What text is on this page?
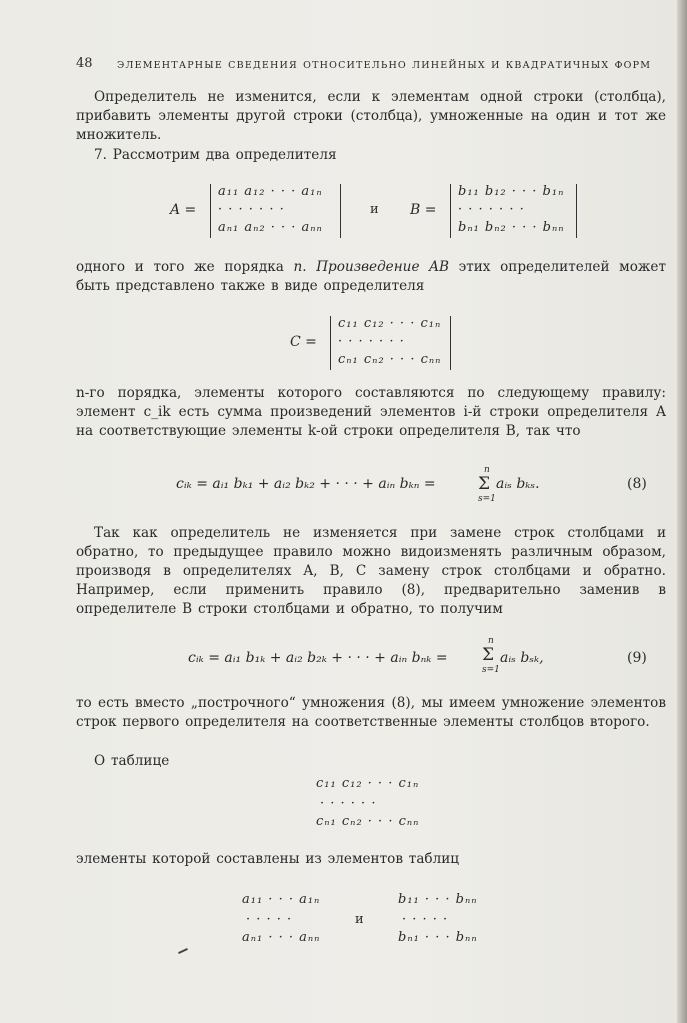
48	ЭЛЕМЕНТАРНЫЕ СВЕДЕНИЯ ОТНОСИТЕЛЬНО ЛИНЕЙНЫХ И КВАДРАТИЧНЫХ ФОРМ
Определитель не изменится, если к элементам одной строки (столбца), прибавить элементы другой строки (столбца), умноженные на один и тот же множитель.
7. Рассмотрим два определителя
A =
a₁₁ a₁₂ · · · a₁ₙ
· · · · · · ·
aₙ₁ aₙ₂ · · · aₙₙ
и B =
b₁₁ b₁₂ · · · b₁ₙ
· · · · · · ·
bₙ₁ bₙ₂ · · · bₙₙ
одного и того же порядка n. Произведение AB этих определителей может быть представлено также в виде определителя
C =
c₁₁ c₁₂ · · · c₁ₙ
· · · · · · ·
cₙ₁ cₙ₂ · · · cₙₙ
n-го порядка, элементы которого составляются по следующему правилу: элемент c_ik есть сумма произведений элементов i-й строки определителя A на соответствующие элементы k-ой строки определителя B, так что
cᵢₖ = aᵢ₁ bₖ₁ + aᵢ₂ bₖ₂ + · · · + aᵢₙ bₖₙ =
n
Σ
s=1
aᵢₛ bₖₛ.	(8)
Так как определитель не изменяется при замене строк столбцами и обратно, то предыдущее правило можно видоизменять различным образом, производя в определителях A, B, C замену строк столбцами и обратно. Например, если применить правило (8), предварительно заменив в определителе B строки столбцами и обратно, то получим
cᵢₖ = aᵢ₁ b₁ₖ + aᵢ₂ b₂ₖ + · · · + aᵢₙ bₙₖ =
n
Σ
s=1
aᵢₛ bₛₖ,	(9)
то есть вместо „построчного“ умножения (8), мы имеем умножение элементов строк первого определителя на соответственные элементы столбцов второго.
О таблице
c₁₁ c₁₂ · · · c₁ₙ
· · · · · ·
cₙ₁ cₙ₂ · · · cₙₙ
элементы которой составлены из элементов таблиц
a₁₁ · · · a₁ₙ
· · · · ·
aₙ₁ · · · aₙₙ
и
b₁₁ · · · bₙₙ
· · · · ·
bₙ₁ · · · bₙₙ
